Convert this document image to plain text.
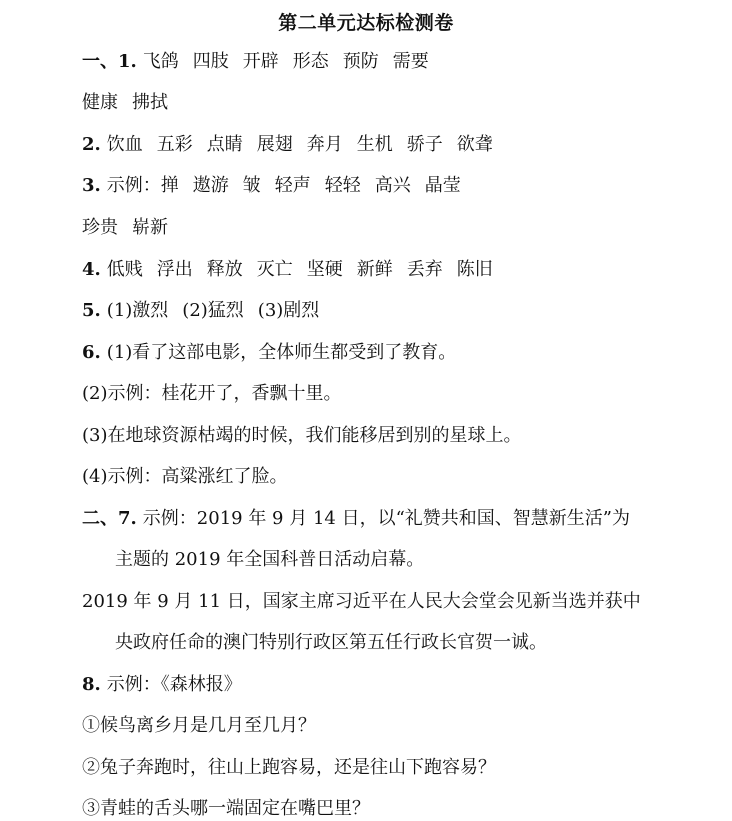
第二单元达标检测卷
一、1. 飞鸽 四肢 开辟 形态 预防 需要
健康 拂拭
2. 饮血 五彩 点睛 展翅 奔月 生机 骄子 欲聋
3. 示例：掸 遨游 皱 轻声 轻轻 高兴 晶莹
珍贵 崭新
4. 低贱 浮出 释放 灭亡 坚硬 新鲜 丢弃 陈旧
5. (1)激烈 (2)猛烈 (3)剧烈
6. (1)看了这部电影，全体师生都受到了教育。
(2)示例：桂花开了，香飘十里。
(3)在地球资源枯竭的时候，我们能移居到别的星球上。
(4)示例：高粱涨红了脸。
二、7. 示例：2019 年 9 月 14 日，以“礼赞共和国、智慧新生活”为
主题的 2019 年全国科普日活动启幕。
2019 年 9 月 11 日，国家主席习近平在人民大会堂会见新当选并获中
央政府任命的澳门特别行政区第五任行政长官贺一诚。
8. 示例：《森林报》
①候鸟离乡月是几月至几月？
②兔子奔跑时，往山上跑容易，还是往山下跑容易？
③青蛙的舌头哪一端固定在嘴巴里？
